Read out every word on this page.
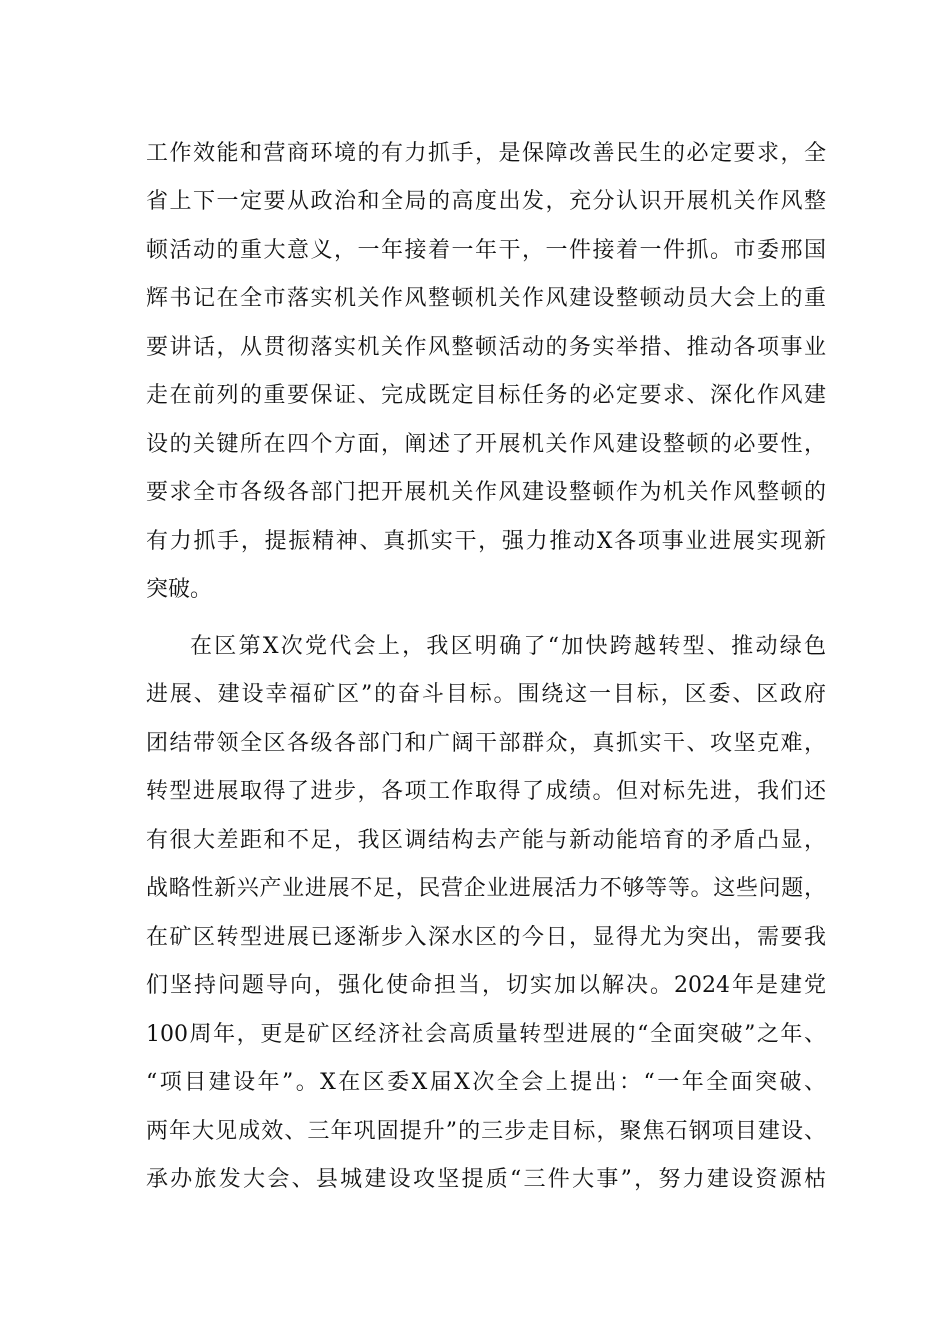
工作效能和营商环境的有力抓手，是保障改善民生的必定要求，全
省上下一定要从政治和全局的高度出发，充分认识开展机关作风整
顿活动的重大意义，一年接着一年干，一件接着一件抓。市委邢国
辉书记在全市落实机关作风整顿机关作风建设整顿动员大会上的重
要讲话，从贯彻落实机关作风整顿活动的务实举措、推动各项事业
走在前列的重要保证、完成既定目标任务的必定要求、深化作风建
设的关键所在四个方面，阐述了开展机关作风建设整顿的必要性，
要求全市各级各部门把开展机关作风建设整顿作为机关作风整顿的
有力抓手，提振精神、真抓实干，强力推动X各项事业进展实现新
突破。
在区第X次党代会上，我区明确了“加快跨越转型、推动绿色
进展、建设幸福矿区”的奋斗目标。围绕这一目标，区委、区政府
团结带领全区各级各部门和广阔干部群众，真抓实干、攻坚克难，
转型进展取得了进步，各项工作取得了成绩。但对标先进，我们还
有很大差距和不足，我区调结构去产能与新动能培育的矛盾凸显，
战略性新兴产业进展不足，民营企业进展活力不够等等。这些问题，
在矿区转型进展已逐渐步入深水区的今日，显得尤为突出，需要我
们坚持问题导向，强化使命担当，切实加以解决。2024年是建党
100周年，更是矿区经济社会高质量转型进展的“全面突破”之年、
“项目建设年”。X在区委X届X次全会上提出：“一年全面突破、
两年大见成效、三年巩固提升”的三步走目标，聚焦石钢项目建设、
承办旅发大会、县城建设攻坚提质“三件大事”，努力建设资源枯
